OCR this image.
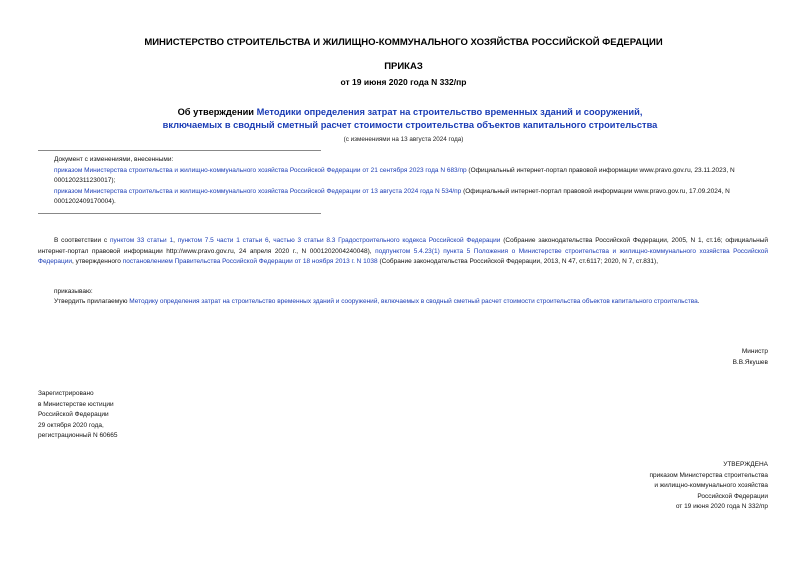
МИНИСТЕРСТВО СТРОИТЕЛЬСТВА И ЖИЛИЩНО-КОММУНАЛЬНОГО ХОЗЯЙСТВА РОССИЙСКОЙ ФЕДЕРАЦИИ
ПРИКАЗ
от 19 июня 2020 года N 332/пр
Об утверждении Методики определения затрат на строительство временных зданий и сооружений, включаемых в сводный сметный расчет стоимости строительства объектов капитального строительства
(с изменениями на 13 августа 2024 года)
Документ с изменениями, внесенными:
приказом Министерства строительства и жилищно-коммунального хозяйства Российской Федерации от 21 сентября 2023 года N 683/пр (Официальный интернет-портал правовой информации www.pravo.gov.ru, 23.11.2023, N 0001202311230017);
приказом Министерства строительства и жилищно-коммунального хозяйства Российской Федерации от 13 августа 2024 года N 534/пр (Официальный интернет-портал правовой информации www.pravo.gov.ru, 17.09.2024, N 0001202409170004).
В соответствии с пунктом 33 статьи 1, пунктом 7.5 части 1 статьи 6, частью 3 статьи 8.3 Градостроительного кодекса Российской Федерации (Собрание законодательства Российской Федерации, 2005, N 1, ст.16; официальный интернет-портал правовой информации http://www.pravo.gov.ru, 24 апреля 2020 г., N 0001202004240048), подпунктом 5.4.23(1) пункта 5 Положения о Министерстве строительства и жилищно-коммунального хозяйства Российской Федерации, утвержденного постановлением Правительства Российской Федерации от 18 ноября 2013 г. N 1038 (Собрание законодательства Российской Федерации, 2013, N 47, ст.6117; 2020, N 7, ст.831),
приказываю:
Утвердить прилагаемую Методику определения затрат на строительство временных зданий и сооружений, включаемых в сводный сметный расчет стоимости строительства объектов капитального строительства.
Министр
В.В.Якушев
Зарегистрировано
в Министерстве юстиции
Российской Федерации
29 октября 2020 года,
регистрационный N 60665
УТВЕРЖДЕНА
приказом Министерства строительства
и жилищно-коммунального хозяйства
Российской Федерации
от 19 июня 2020 года N 332/пр
